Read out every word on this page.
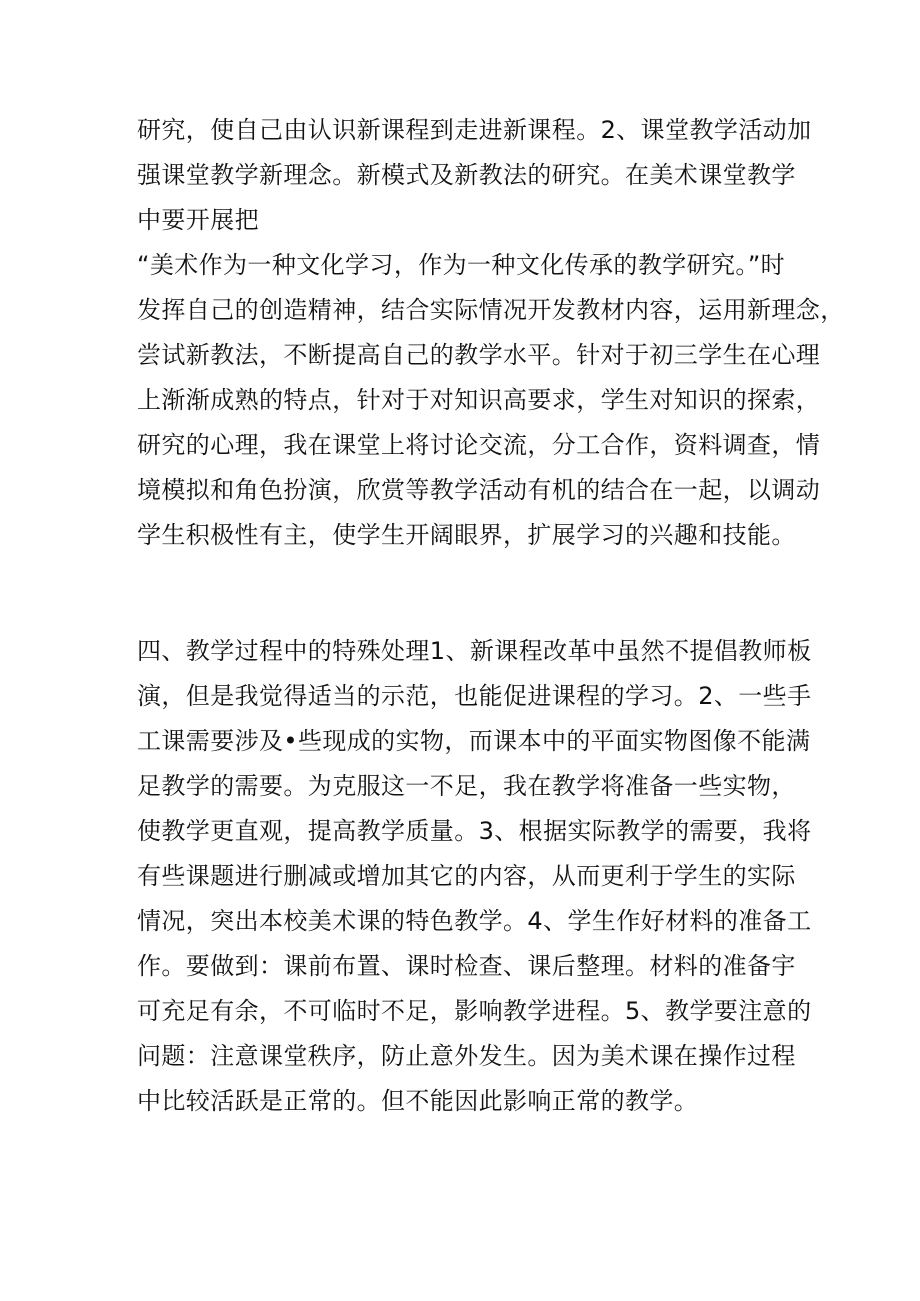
研究，使自己由认识新课程到走进新课程。2、课堂教学活动加
强课堂教学新理念。新模式及新教法的研究。在美术课堂教学
中要开展把
“美术作为一种文化学习，作为一种文化传承的教学研究。”时
发挥自己的创造精神，结合实际情况开发教材内容，运用新理念，
尝试新教法，不断提高自己的教学水平。针对于初三学生在心理
上渐渐成熟的特点，针对于对知识高要求，学生对知识的探索，
研究的心理，我在课堂上将讨论交流，分工合作，资料调查，情
境模拟和角色扮演，欣赏等教学活动有机的结合在一起，以调动
学生积极性有主，使学生开阔眼界，扩展学习的兴趣和技能。
四、教学过程中的特殊处理1、新课程改革中虽然不提倡教师板
演，但是我觉得适当的示范，也能促进课程的学习。2、一些手
工课需要涉及•些现成的实物，而课本中的平面实物图像不能满
足教学的需要。为克服这一不足，我在教学将准备一些实物，
使教学更直观，提高教学质量。3、根据实际教学的需要，我将
有些课题进行删减或增加其它的内容，从而更利于学生的实际
情况，突出本校美术课的特色教学。4、学生作好材料的准备工
作。要做到：课前布置、课时检查、课后整理。材料的准备宇
可充足有余，不可临时不足，影响教学进程。5、教学要注意的
问题：注意课堂秩序，防止意外发生。因为美术课在操作过程
中比较活跃是正常的。但不能因此影响正常的教学。
